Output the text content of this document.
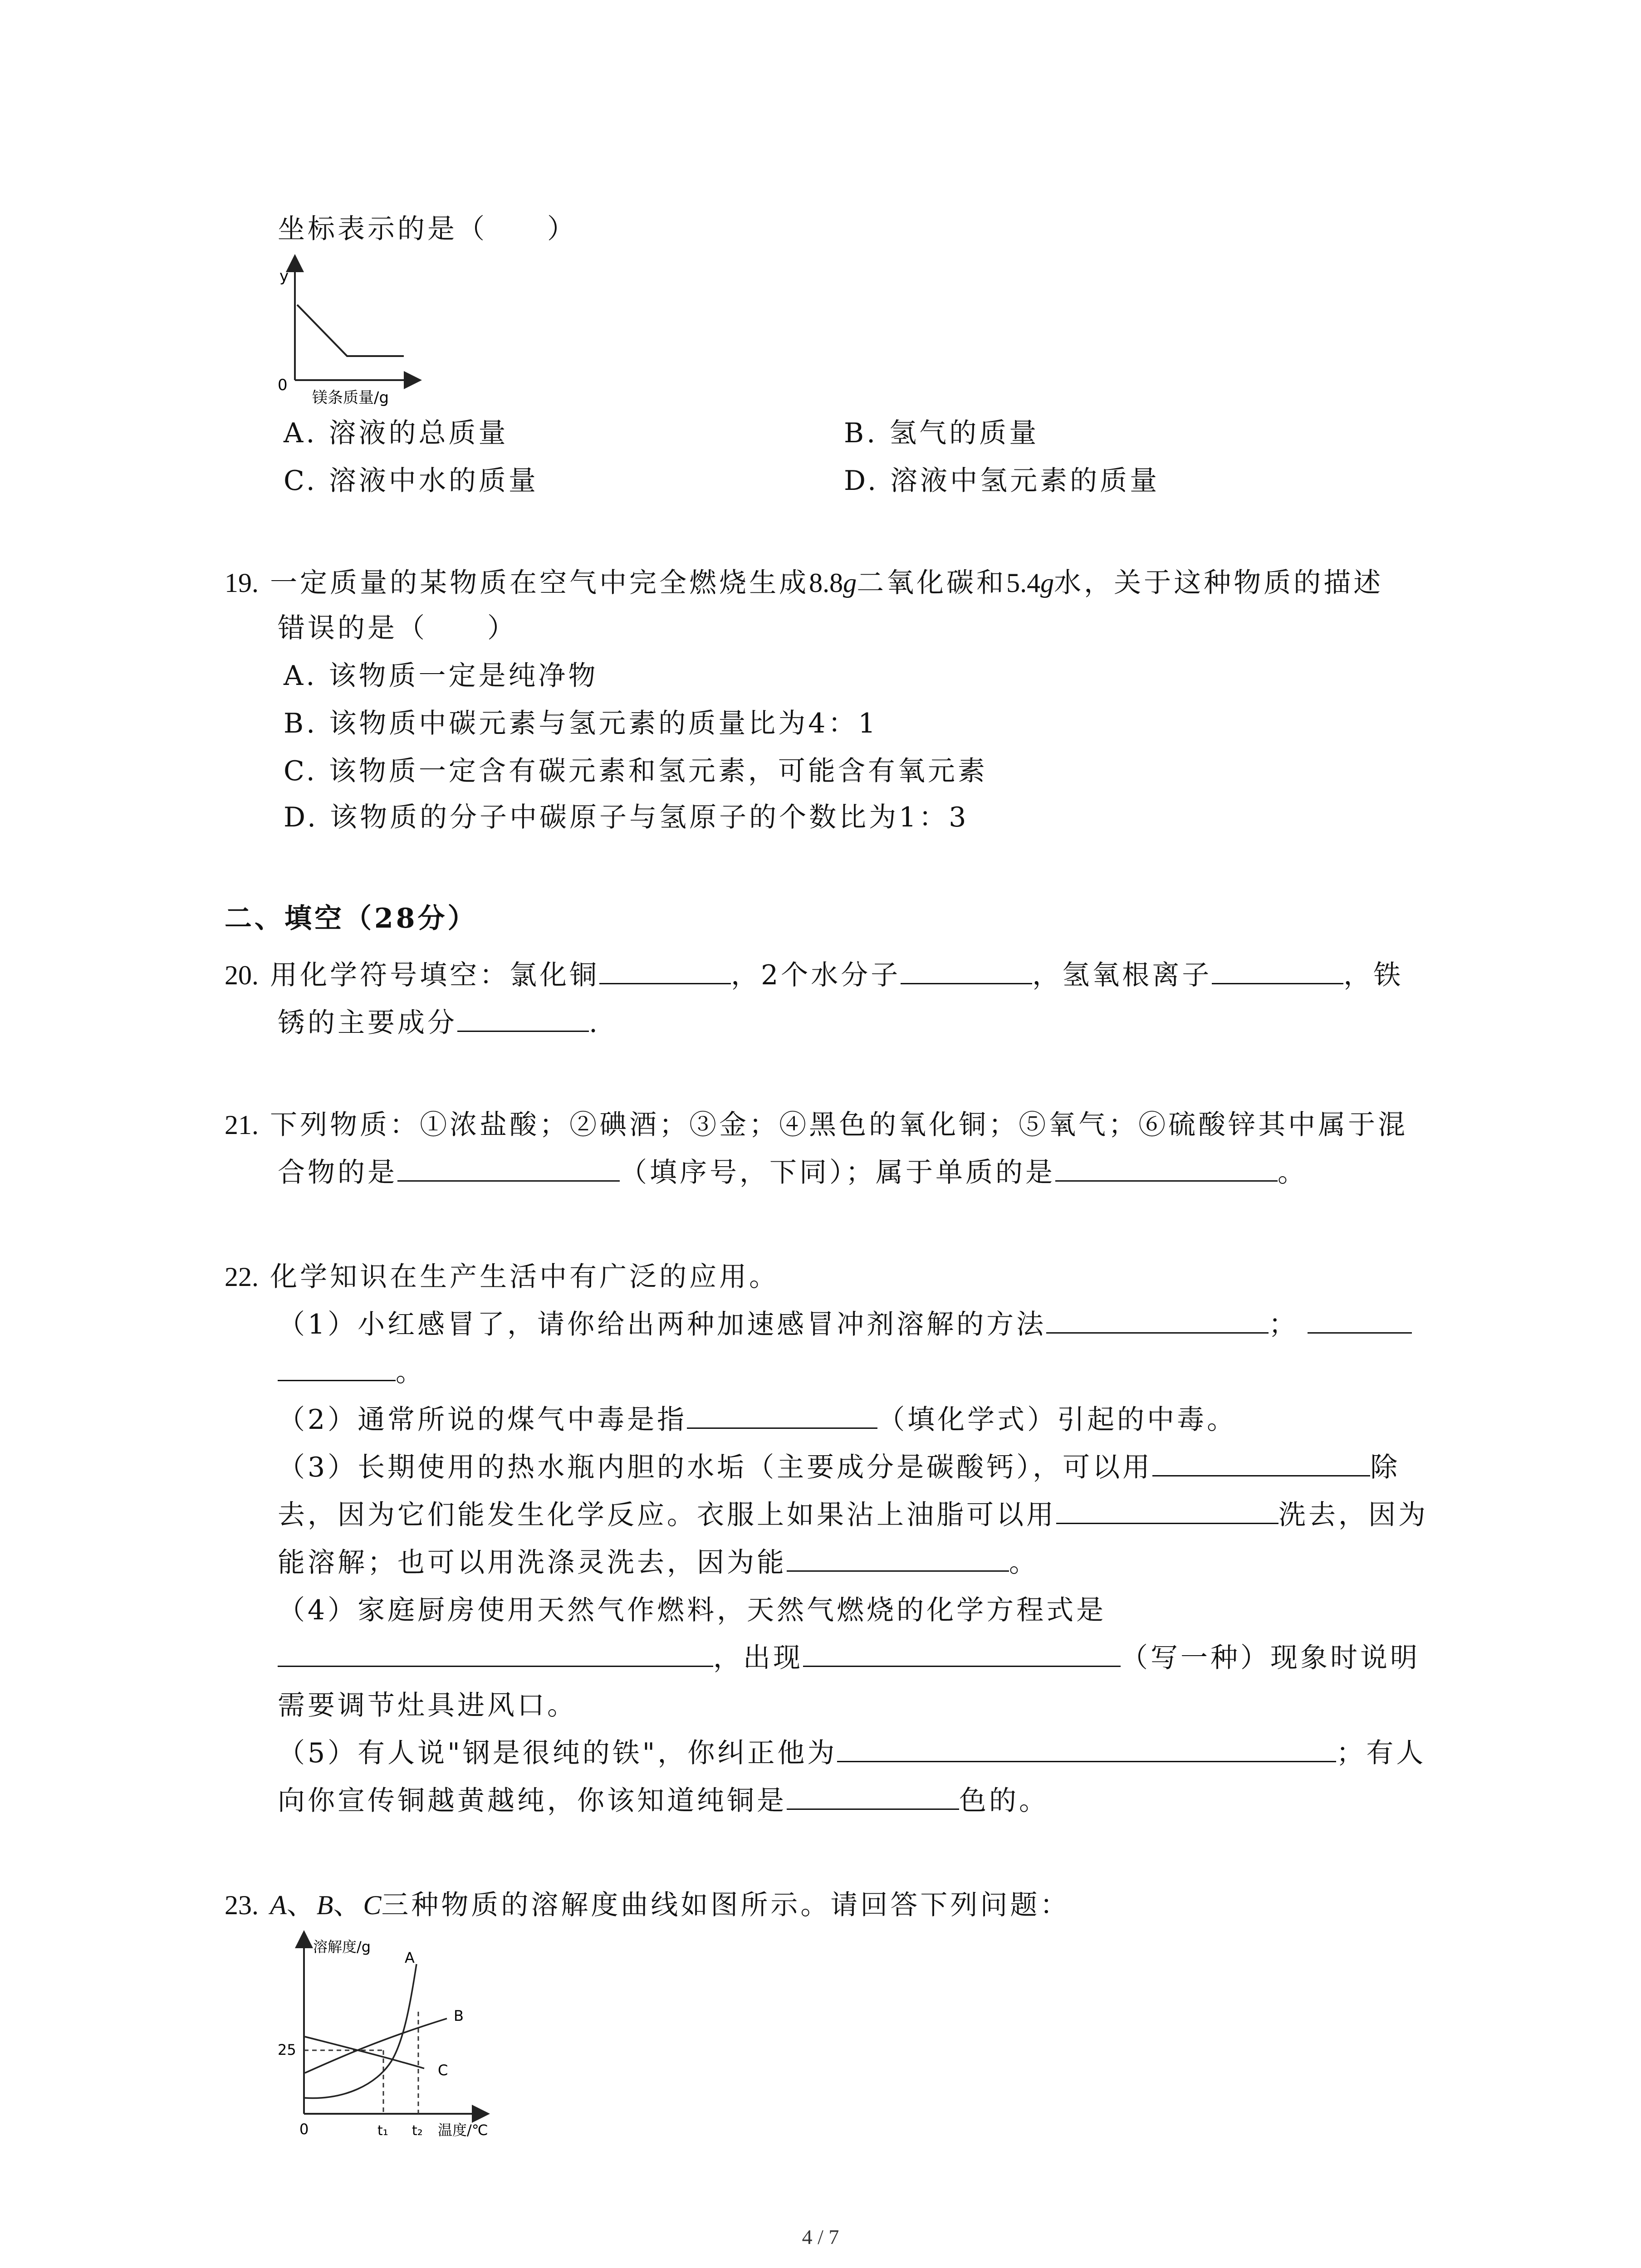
坐标表示的是（　　）
y
0
镁条质量/g
A. 溶液的总质量	B. 氢气的质量
C. 溶液中水的质量	D. 溶液中氢元素的质量
19. 一定质量的某物质在空气中完全燃烧生成8.8g二氧化碳和5.4g水，关于这种物质的描述
错误的是（　　）
A. 该物质一定是纯净物
B. 该物质中碳元素与氢元素的质量比为4：1
C. 该物质一定含有碳元素和氢元素，可能含有氧元素
D. 该物质的分子中碳原子与氢原子的个数比为1：3
二、填空（28分）
20. 用化学符号填空：氯化铜	，2个水分子	，氢氧根离子	，铁
锈的主要成分	.
21. 下列物质：①浓盐酸；②碘酒；③金；④黑色的氧化铜；⑤氧气；⑥硫酸锌其中属于混
合物的是	（填序号，下同）；属于单质的是	。
22. 化学知识在生产生活中有广泛的应用。
（1）小红感冒了，请你给出两种加速感冒冲剂溶解的方法	；
。
（2）通常所说的煤气中毒是指	（填化学式）引起的中毒。
（3）长期使用的热水瓶内胆的水垢（主要成分是碳酸钙），可以用	除
去，因为它们能发生化学反应。衣服上如果沾上油脂可以用	洗去，因为
能溶解；也可以用洗涤灵洗去，因为能	。
（4）家庭厨房使用天然气作燃料，天然气燃烧的化学方程式是
，出现	（写一种）现象时说明
需要调节灶具进风口。
（5）有人说"钢是很纯的铁"，你纠正他为	；有人
向你宣传铜越黄越纯，你该知道纯铜是	色的。
23. A、B、C三种物质的溶解度曲线如图所示。请回答下列问题：
溶解度/g
0
25
温度/℃
t₁ t₂
A
B
C
4 / 7
